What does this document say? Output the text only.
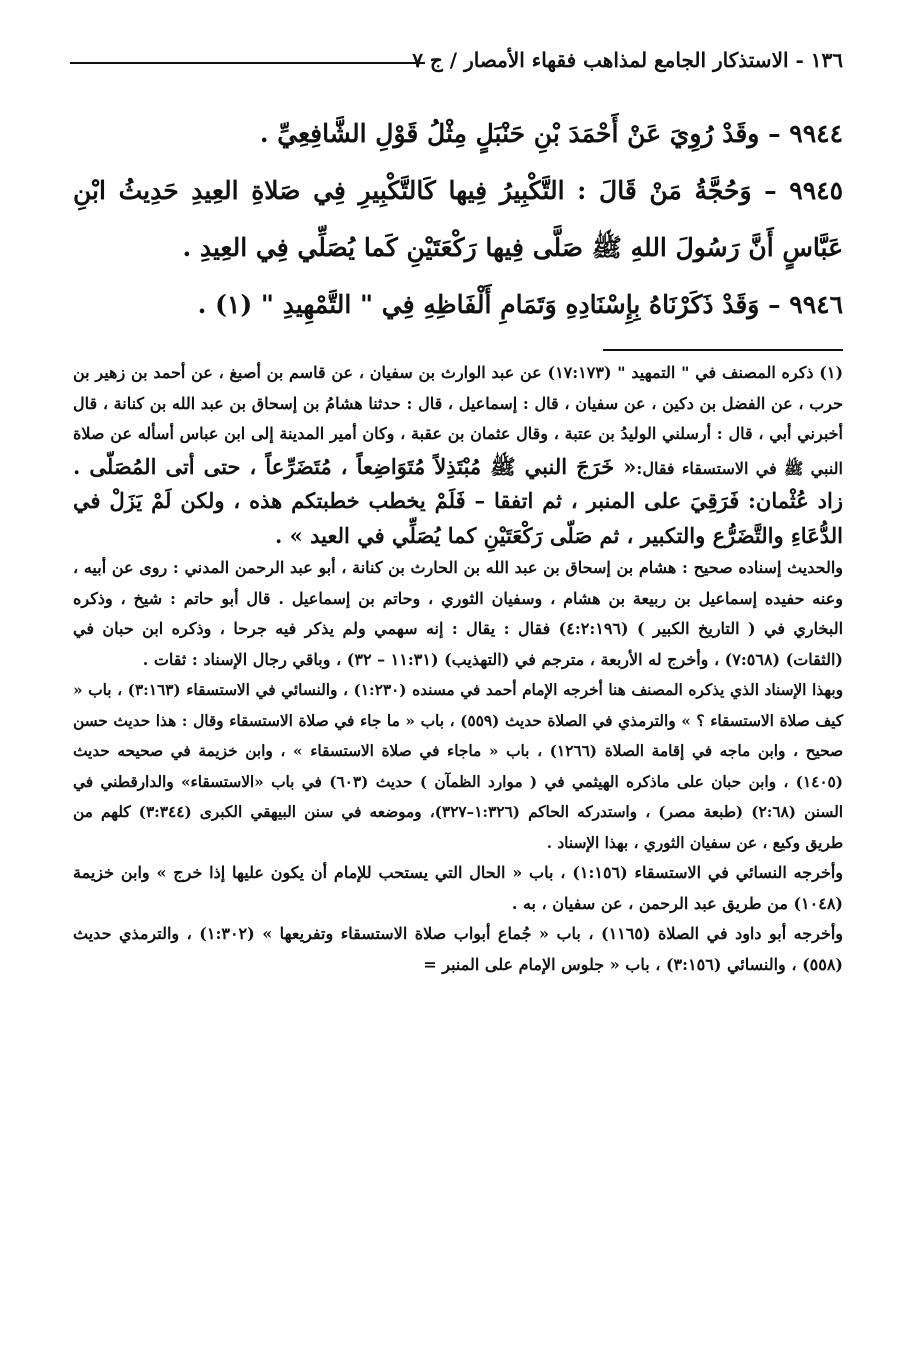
١٣٦ - الاستذكار الجامع لمذاهب فقهاء الأمصار / ج ٧

٩٩٤٤ – وقَدْ رُوِيَ عَنْ أَحْمَدَ بْنِ حَنْبَلٍ مِثْلُ قَوْلِ الشَّافِعِيِّ .

٩٩٤٥ – وَحُجَّةُ مَنْ قَالَ : التَّكْبِيرُ فِيها كَالتَّكْبِيرِ فِي صَلاةِ العِيدِ حَدِيثُ ابْنِ عَبَّاسٍ أَنَّ رَسُولَ اللهِ ﷺ صَلَّى فِيها رَكْعَتَيْنِ كَما يُصَلِّي فِي العِيدِ .

٩٩٤٦ – وَقَدْ ذَكَرْنَاهُ بِإِسْنَادِهِ وَتَمَامِ أَلْفَاظِهِ فِي " التَّمْهِيدِ " (١) .

(١) ذكره المصنف في " التمهيد " (١٧:١٧٣) عن عبد الوارث بن سفيان ، عن قاسم بن أصبغ ، عن أحمد بن زهير بن حرب ، عن الفضل بن دكين ، عن سفيان ، قال : إسماعيل ، قال : حدثنا هشامُ بن إسحاق بن عبد الله بن كنانة ، قال أخبرني أبي ، قال : أرسلني الوليدُ بن عتبة ، وقال عثمان بن عقبة ، وكان أمير المدينة إلى ابن عباس أسأله عن صلاة النبي ﷺ في الاستسقاء فقال:« خَرَجَ النبي ﷺ مُبْتَذِلاً مُتَوَاضِعاً ، مُتَضَرِّعاً ، حتى أتى المُصَلّى . زاد عُثْمان: فَرَقِيَ على المنبر ، ثم اتفقا – فَلَمْ يخطب خطبتكم هذه ، ولكن لَمْ يَزَلْ في الدُّعَاءِ والتَّضَرُّع والتكبير ، ثم صَلّى رَكْعَتَيْنِ كما يُصَلِّي في العيد » .

والحديث إسناده صحيح : هشام بن إسحاق بن عبد الله بن الحارث بن كنانة ، أبو عبد الرحمن المدني : روى عن أبيه ، وعنه حفيده إسماعيل بن ربيعة بن هشام ، وسفيان الثوري ، وحاتم بن إسماعيل . قال أبو حاتم : شيخ ، وذكره البخاري في ( التاريخ الكبير ) (٤:٢:١٩٦) فقال : يقال : إنه سهمي ولم يذكر فيه جرحا ، وذكره ابن حبان في (الثقات) (٧:٥٦٨) ، وأخرج له الأربعة ، مترجم في (التهذيب) (١١:٣١ – ٣٢) ، وباقي رجال الإسناد : ثقات .

وبهذا الإسناد الذي يذكره المصنف هنا أخرجه الإمام أحمد في مسنده (١:٢٣٠) ، والنسائي في الاستسقاء (٣:١٦٣) ، باب « كيف صلاة الاستسقاء ؟ » والترمذي في الصلاة حديث (٥٥٩) ، باب « ما جاء في صلاة الاستسقاء وقال : هذا حديث حسن صحيح ، وابن ماجه في إقامة الصلاة (١٢٦٦) ، باب « ماجاء في صلاة الاستسقاء » ، وابن خزيمة في صحيحه حديث (١٤٠٥) ، وابن حبان على ماذكره الهيثمي في ( موارد الظمآن ) حديث (٦٠٣) في باب «الاستسقاء» والدارقطني في السنن (٢:٦٨) (طبعة مصر) ، واستدركه الحاكم (١:٣٢٦–٣٢٧)، وموضعه في سنن البيهقي الكبرى (٣:٣٤٤) كلهم من طريق وكيع ، عن سفيان الثوري ، بهذا الإسناد .

وأخرجه النسائي في الاستسقاء (١:١٥٦) ، باب « الحال التي يستحب للإمام أن يكون عليها إذا خرج » وابن خزيمة (١٠٤٨) من طريق عبد الرحمن ، عن سفيان ، به .

وأخرجه أبو داود في الصلاة (١١٦٥) ، باب « جُماع أبواب صلاة الاستسقاء وتفريعها » (١:٣٠٢) ، والترمذي حديث (٥٥٨) ، والنسائي (٣:١٥٦) ، باب « جلوس الإمام على المنبر =
